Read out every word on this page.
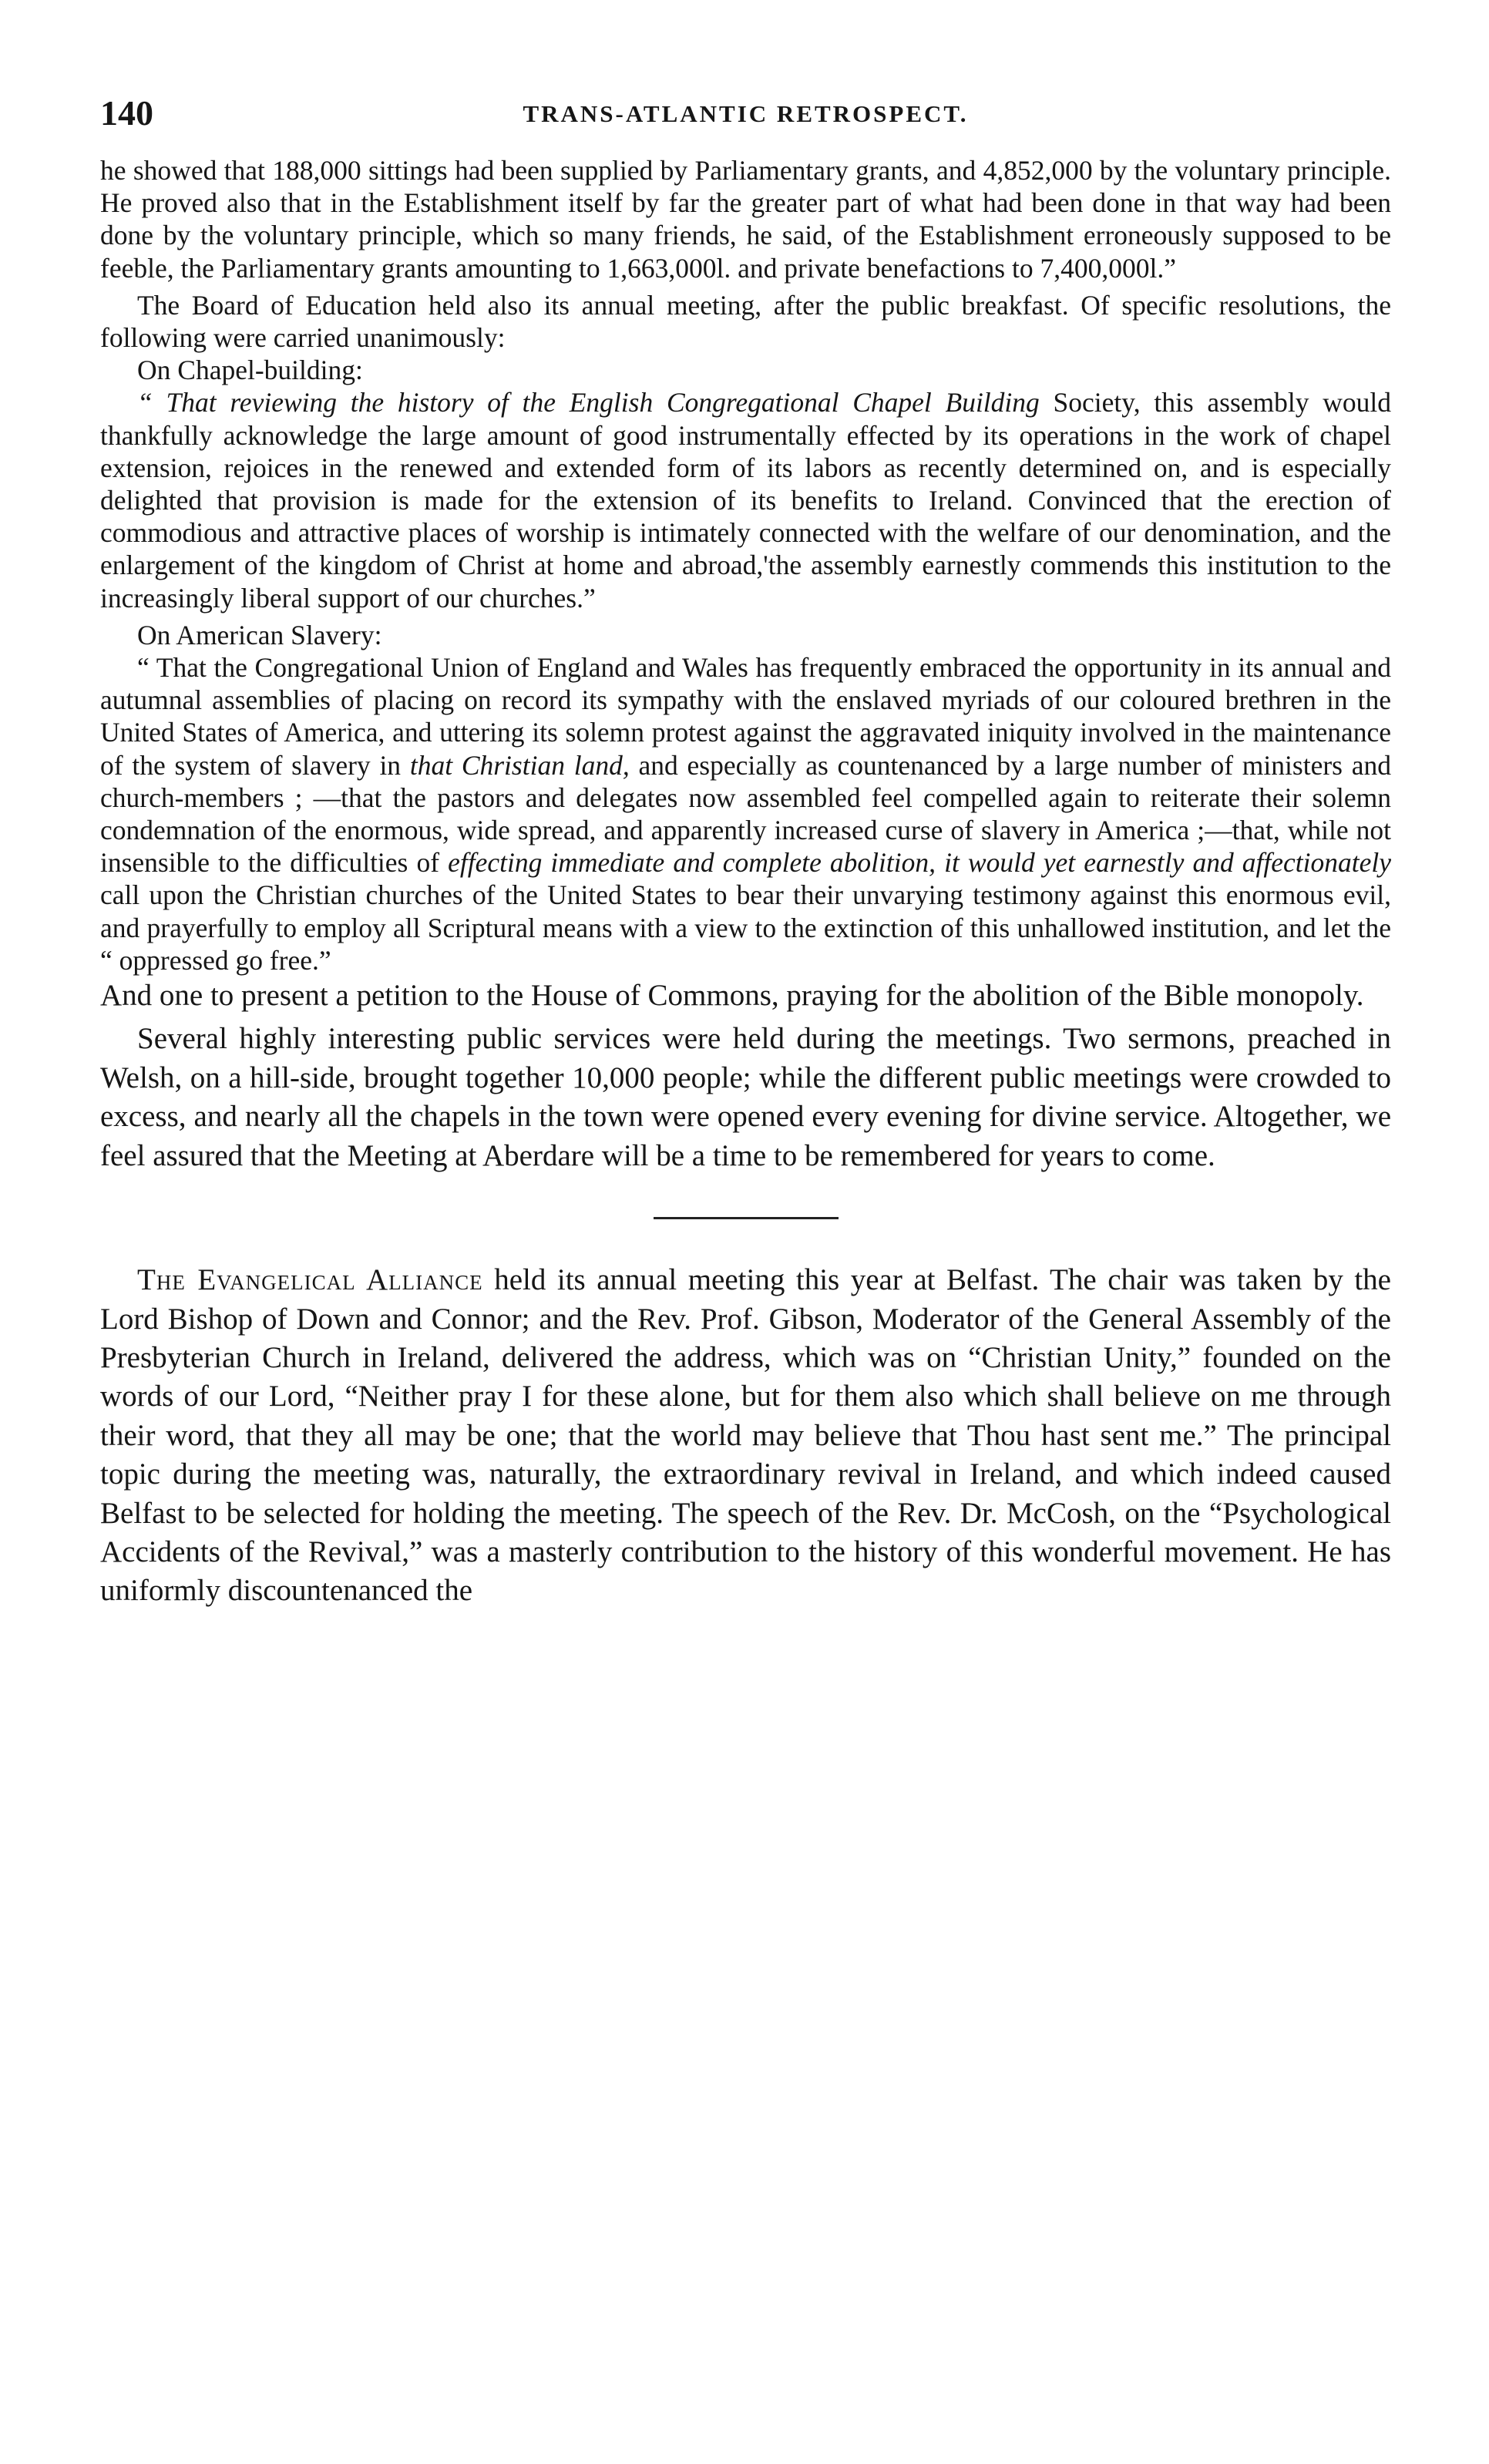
140	TRANS-ATLANTIC RETROSPECT.

he showed that 188,000 sittings had been supplied by Parliamentary grants, and 4,852,000 by the voluntary principle. He proved also that in the Establishment itself by far the greater part of what had been done in that way had been done by the voluntary principle, which so many friends, he said, of the Establishment erroneously supposed to be feeble, the Parliamentary grants amounting to 1,663,000l. and private benefactions to 7,400,000l.”

The Board of Education held also its annual meeting, after the public breakfast. Of specific resolutions, the following were carried unanimously:

On Chapel-building:

“ That reviewing the history of the English Congregational Chapel Building Society, this assembly would thankfully acknowledge the large amount of good instrumentally effected by its operations in the work of chapel extension, rejoices in the renewed and extended form of its labors as recently determined on, and is especially delighted that provision is made for the extension of its benefits to Ireland. Convinced that the erection of commodious and attractive places of worship is intimately connected with the welfare of our denomination, and the enlargement of the kingdom of Christ at home and abroad,'the assembly earnestly commends this institution to the increasingly liberal support of our churches.”

On American Slavery:

“ That the Congregational Union of England and Wales has frequently embraced the opportunity in its annual and autumnal assemblies of placing on record its sympathy with the enslaved myriads of our coloured brethren in the United States of America, and uttering its solemn protest against the aggravated iniquity involved in the maintenance of the system of slavery in that Christian land, and especially as countenanced by a large number of ministers and church-members ; —that the pastors and delegates now assembled feel compelled again to reiterate their solemn condemnation of the enormous, wide spread, and apparently increased curse of slavery in America ;—that, while not insensible to the difficulties of effecting immediate and complete abolition, it would yet earnestly and affectionately call upon the Christian churches of the United States to bear their unvarying testimony against this enormous evil, and prayerfully to employ all Scriptural means with a view to the extinction of this unhallowed institution, and let the “ oppressed go free.”

And one to present a petition to the House of Commons, praying for the abolition of the Bible monopoly.

Several highly interesting public services were held during the meetings. Two sermons, preached in Welsh, on a hill-side, brought together 10,000 people; while the different public meetings were crowded to excess, and nearly all the chapels in the town were opened every evening for divine service. Altogether, we feel assured that the Meeting at Aberdare will be a time to be remembered for years to come.

The Evangelical Alliance held its annual meeting this year at Belfast. The chair was taken by the Lord Bishop of Down and Connor; and the Rev. Prof. Gibson, Moderator of the General Assembly of the Presbyterian Church in Ireland, delivered the address, which was on “Christian Unity,” founded on the words of our Lord, “Neither pray I for these alone, but for them also which shall believe on me through their word, that they all may be one; that the world may believe that Thou hast sent me.” The principal topic during the meeting was, naturally, the extraordinary revival in Ireland, and which indeed caused Belfast to be selected for holding the meeting. The speech of the Rev. Dr. McCosh, on the “Psychological Accidents of the Revival,” was a masterly contribution to the history of this wonderful movement. He has uniformly discountenanced the
